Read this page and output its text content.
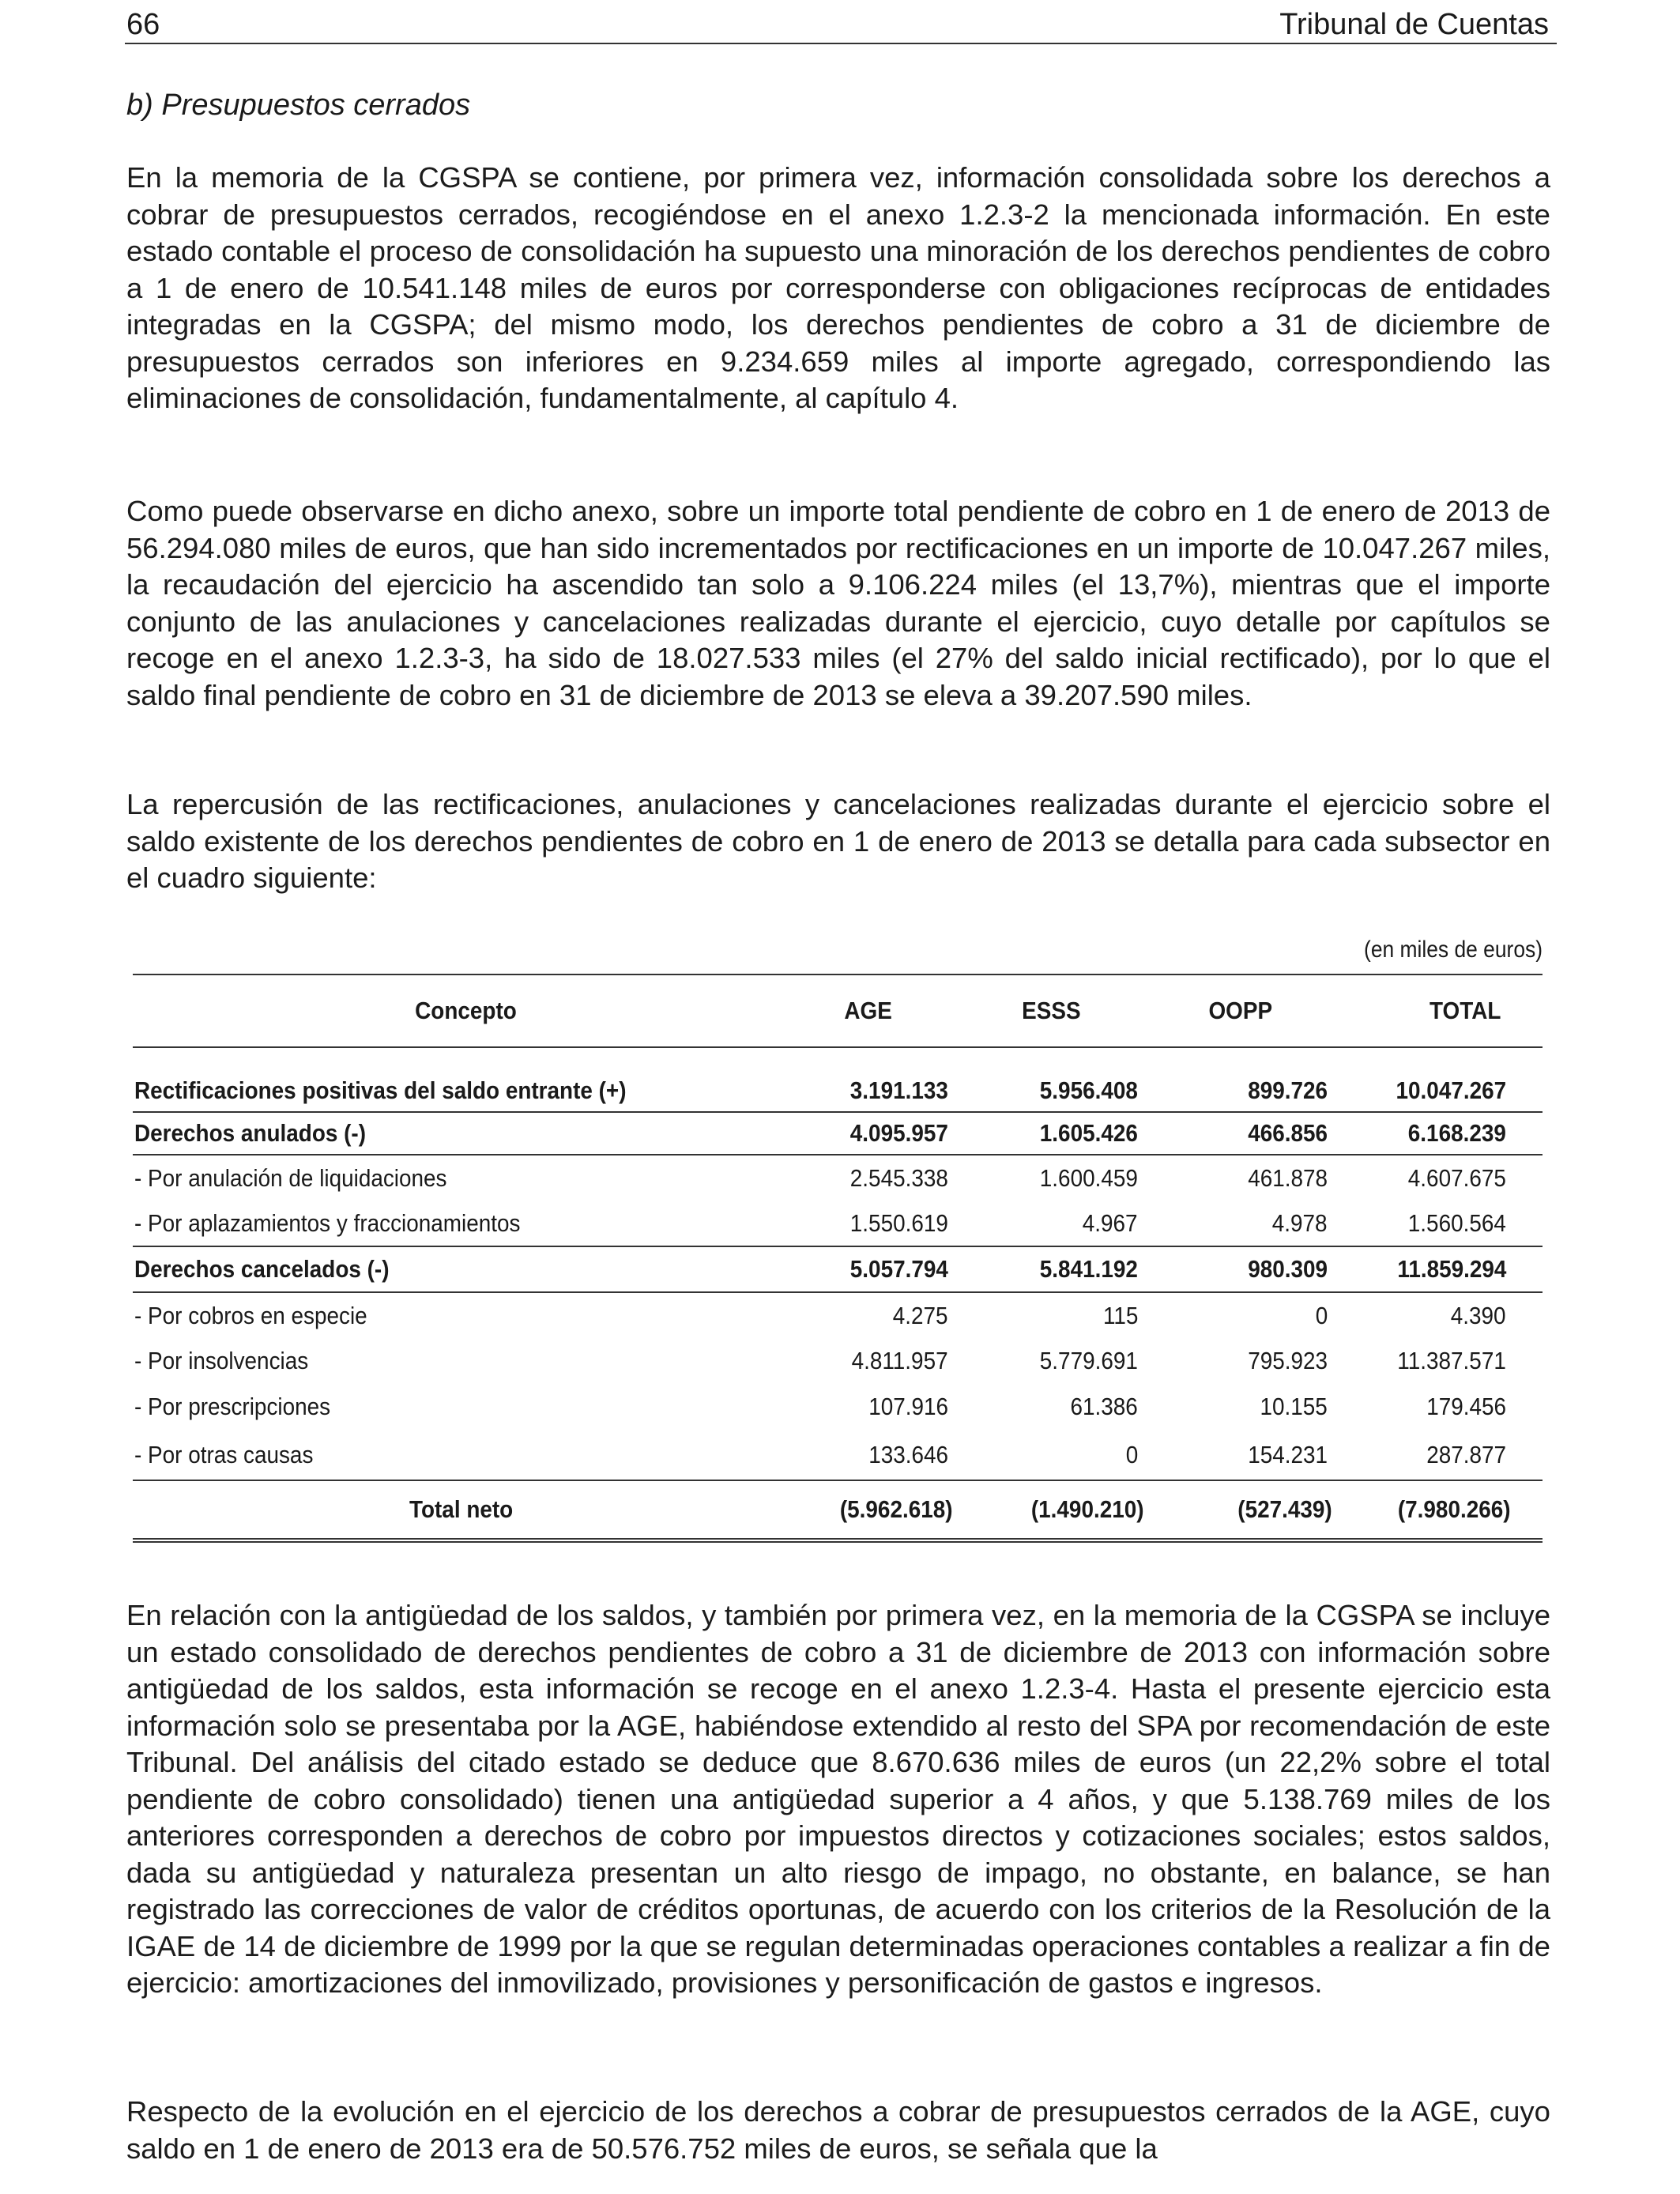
66	Tribunal de Cuentas
b) Presupuestos cerrados

En la memoria de la CGSPA se contiene, por primera vez, información consolidada sobre los derechos a cobrar de presupuestos cerrados, recogiéndose en el anexo 1.2.3-2 la mencionada información. En este estado contable el proceso de consolidación ha supuesto una minoración de los derechos pendientes de cobro a 1 de enero de 10.541.148 miles de euros por corresponderse con obligaciones recíprocas de entidades integradas en la CGSPA; del mismo modo, los derechos pendientes de cobro a 31 de diciembre de presupuestos cerrados son inferiores en 9.234.659 miles al importe agregado, correspondiendo las eliminaciones de consolidación, fundamentalmente, al capítulo 4.

Como puede observarse en dicho anexo, sobre un importe total pendiente de cobro en 1 de enero de 2013 de 56.294.080 miles de euros, que han sido incrementados por rectificaciones en un importe de 10.047.267 miles, la recaudación del ejercicio ha ascendido tan solo a 9.106.224 miles (el 13,7%), mientras que el importe conjunto de las anulaciones y cancelaciones realizadas durante el ejercicio, cuyo detalle por capítulos se recoge en el anexo 1.2.3-3, ha sido de 18.027.533 miles (el 27% del saldo inicial rectificado), por lo que el saldo final pendiente de cobro en 31 de diciembre de 2013 se eleva a 39.207.590 miles.

La repercusión de las rectificaciones, anulaciones y cancelaciones realizadas durante el ejercicio sobre el saldo existente de los derechos pendientes de cobro en 1 de enero de 2013 se detalla para cada subsector en el cuadro siguiente:

(en miles de euros)
Concepto	AGE	ESSS	OOPP	TOTAL

Rectificaciones positivas del saldo entrante (+)	3.191.133	5.956.408	899.726	10.047.267
Derechos anulados (-)	4.095.957	1.605.426	466.856	6.168.239
- Por anulación de liquidaciones	2.545.338	1.600.459	461.878	4.607.675
- Por aplazamientos y fraccionamientos	1.550.619	4.967	4.978	1.560.564
Derechos cancelados (-)	5.057.794	5.841.192	980.309	11.859.294
- Por cobros en especie	4.275	115	0	4.390
- Por insolvencias	4.811.957	5.779.691	795.923	11.387.571
- Por prescripciones	107.916	61.386	10.155	179.456
- Por otras causas	133.646	0	154.231	287.877
Total neto	(5.962.618)	(1.490.210)	(527.439)	(7.980.266)

En relación con la antigüedad de los saldos, y también por primera vez, en la memoria de la CGSPA se incluye un estado consolidado de derechos pendientes de cobro a 31 de diciembre de 2013 con información sobre antigüedad de los saldos, esta información se recoge en el anexo 1.2.3-4. Hasta el presente ejercicio esta información solo se presentaba por la AGE, habiéndose extendido al resto del SPA por recomendación de este Tribunal. Del análisis del citado estado se deduce que 8.670.636 miles de euros (un 22,2% sobre el total pendiente de cobro consolidado) tienen una antigüedad superior a 4 años, y que 5.138.769 miles de los anteriores corresponden a derechos de cobro por impuestos directos y cotizaciones sociales; estos saldos, dada su antigüedad y naturaleza presentan un alto riesgo de impago, no obstante, en balance, se han registrado las correcciones de valor de créditos oportunas, de acuerdo con los criterios de la Resolución de la IGAE de 14 de diciembre de 1999 por la que se regulan determinadas operaciones contables a realizar a fin de ejercicio: amortizaciones del inmovilizado, provisiones y personificación de gastos e ingresos.

Respecto de la evolución en el ejercicio de los derechos a cobrar de presupuestos cerrados de la AGE, cuyo saldo en 1 de enero de 2013 era de 50.576.752 miles de euros, se señala que la
